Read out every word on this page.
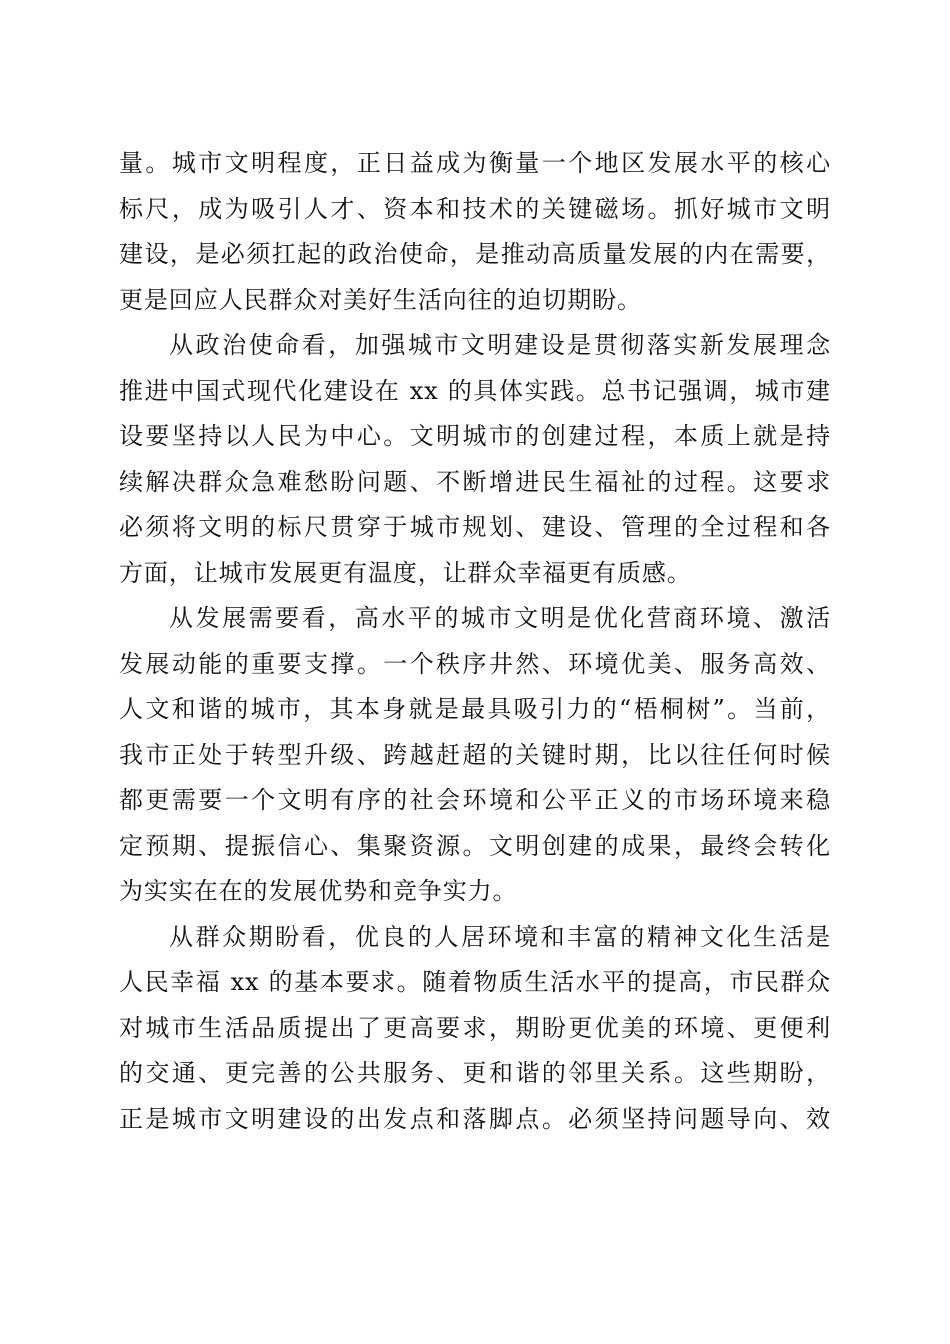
量。城市文明程度，正日益成为衡量一个地区发展水平的核心
标尺，成为吸引人才、资本和技术的关键磁场。抓好城市文明
建设，是必须扛起的政治使命，是推动高质量发展的内在需要，
更是回应人民群众对美好生活向往的迫切期盼。
从政治使命看，加强城市文明建设是贯彻落实新发展理念
推进中国式现代化建设在 xx 的具体实践。总书记强调，城市建
设要坚持以人民为中心。文明城市的创建过程，本质上就是持
续解决群众急难愁盼问题、不断增进民生福祉的过程。这要求
必须将文明的标尺贯穿于城市规划、建设、管理的全过程和各
方面，让城市发展更有温度，让群众幸福更有质感。
从发展需要看，高水平的城市文明是优化营商环境、激活
发展动能的重要支撑。一个秩序井然、环境优美、服务高效、
人文和谐的城市，其本身就是最具吸引力的“梧桐树”。当前，
我市正处于转型升级、跨越赶超的关键时期，比以往任何时候
都更需要一个文明有序的社会环境和公平正义的市场环境来稳
定预期、提振信心、集聚资源。文明创建的成果，最终会转化
为实实在在的发展优势和竞争实力。
从群众期盼看，优良的人居环境和丰富的精神文化生活是
人民幸福 xx 的基本要求。随着物质生活水平的提高，市民群众
对城市生活品质提出了更高要求，期盼更优美的环境、更便利
的交通、更完善的公共服务、更和谐的邻里关系。这些期盼，
正是城市文明建设的出发点和落脚点。必须坚持问题导向、效
